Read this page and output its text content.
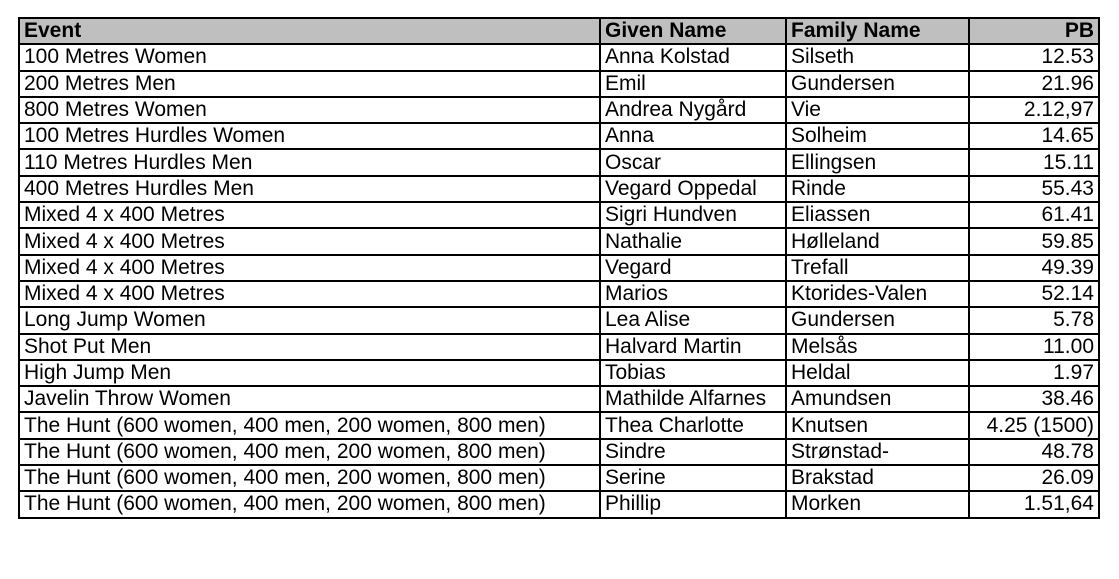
Event	Given Name	Family Name	PB
100 Metres Women	Anna Kolstad	Silseth	12.53
200 Metres Men	Emil	Gundersen	21.96
800 Metres Women	Andrea Nygård	Vie	2.12,97
100 Metres Hurdles Women	Anna	Solheim	14.65
110 Metres Hurdles Men	Oscar	Ellingsen	15.11
400 Metres Hurdles Men	Vegard Oppedal	Rinde	55.43
Mixed 4 x 400 Metres	Sigri Hundven	Eliassen	61.41
Mixed 4 x 400 Metres	Nathalie	Hølleland	59.85
Mixed 4 x 400 Metres	Vegard	Trefall	49.39
Mixed 4 x 400 Metres	Marios	Ktorides-Valen	52.14
Long Jump Women	Lea Alise	Gundersen	5.78
Shot Put Men	Halvard Martin	Melsås	11.00
High Jump Men	Tobias	Heldal	1.97
Javelin Throw Women	Mathilde Alfarnes	Amundsen	38.46
The Hunt (600 women, 400 men, 200 women, 800 men)	Thea Charlotte	Knutsen	4.25 (1500)
The Hunt (600 women, 400 men, 200 women, 800 men)	Sindre	Strønstad-	48.78
The Hunt (600 women, 400 men, 200 women, 800 men)	Serine	Brakstad	26.09
The Hunt (600 women, 400 men, 200 women, 800 men)	Phillip	Morken	1.51,64
